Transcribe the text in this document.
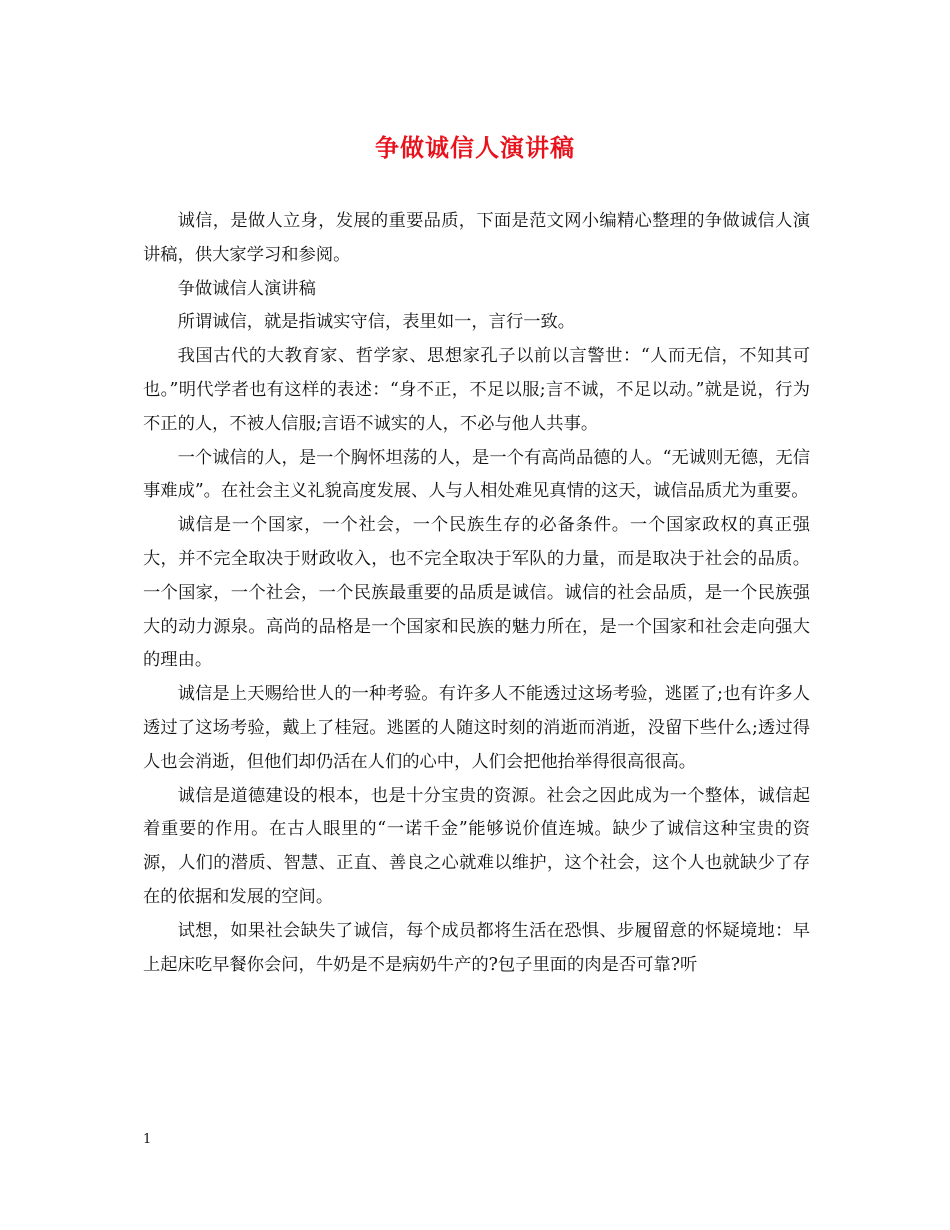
争做诚信人演讲稿

诚信，是做人立身，发展的重要品质，下面是范文网小编精心整理的争做诚信人演讲稿，供大家学习和参阅。

争做诚信人演讲稿

所谓诚信，就是指诚实守信，表里如一，言行一致。

我国古代的大教育家、哲学家、思想家孔子以前以言警世：“人而无信，不知其可也。”明代学者也有这样的表述：“身不正，不足以服;言不诚，不足以动。”就是说，行为不正的人，不被人信服;言语不诚实的人，不必与他人共事。

一个诚信的人，是一个胸怀坦荡的人，是一个有高尚品德的人。“无诚则无德，无信事难成”。在社会主义礼貌高度发展、人与人相处难见真情的这天，诚信品质尤为重要。

诚信是一个国家，一个社会，一个民族生存的必备条件。一个国家政权的真正强大，并不完全取决于财政收入，也不完全取决于军队的力量，而是取决于社会的品质。一个国家，一个社会，一个民族最重要的品质是诚信。诚信的社会品质，是一个民族强大的动力源泉。高尚的品格是一个国家和民族的魅力所在，是一个国家和社会走向强大的理由。

诚信是上天赐给世人的一种考验。有许多人不能透过这场考验，逃匿了;也有许多人透过了这场考验，戴上了桂冠。逃匿的人随这时刻的消逝而消逝，没留下些什么;透过得人也会消逝，但他们却仍活在人们的心中，人们会把他抬举得很高很高。

诚信是道德建设的根本，也是十分宝贵的资源。社会之因此成为一个整体，诚信起着重要的作用。在古人眼里的“一诺千金”能够说价值连城。缺少了诚信这种宝贵的资源，人们的潜质、智慧、正直、善良之心就难以维护，这个社会，这个人也就缺少了存在的依据和发展的空间。

试想，如果社会缺失了诚信，每个成员都将生活在恐惧、步履留意的怀疑境地：早上起床吃早餐你会问，牛奶是不是病奶牛产的?包子里面的肉是否可靠?听

1
